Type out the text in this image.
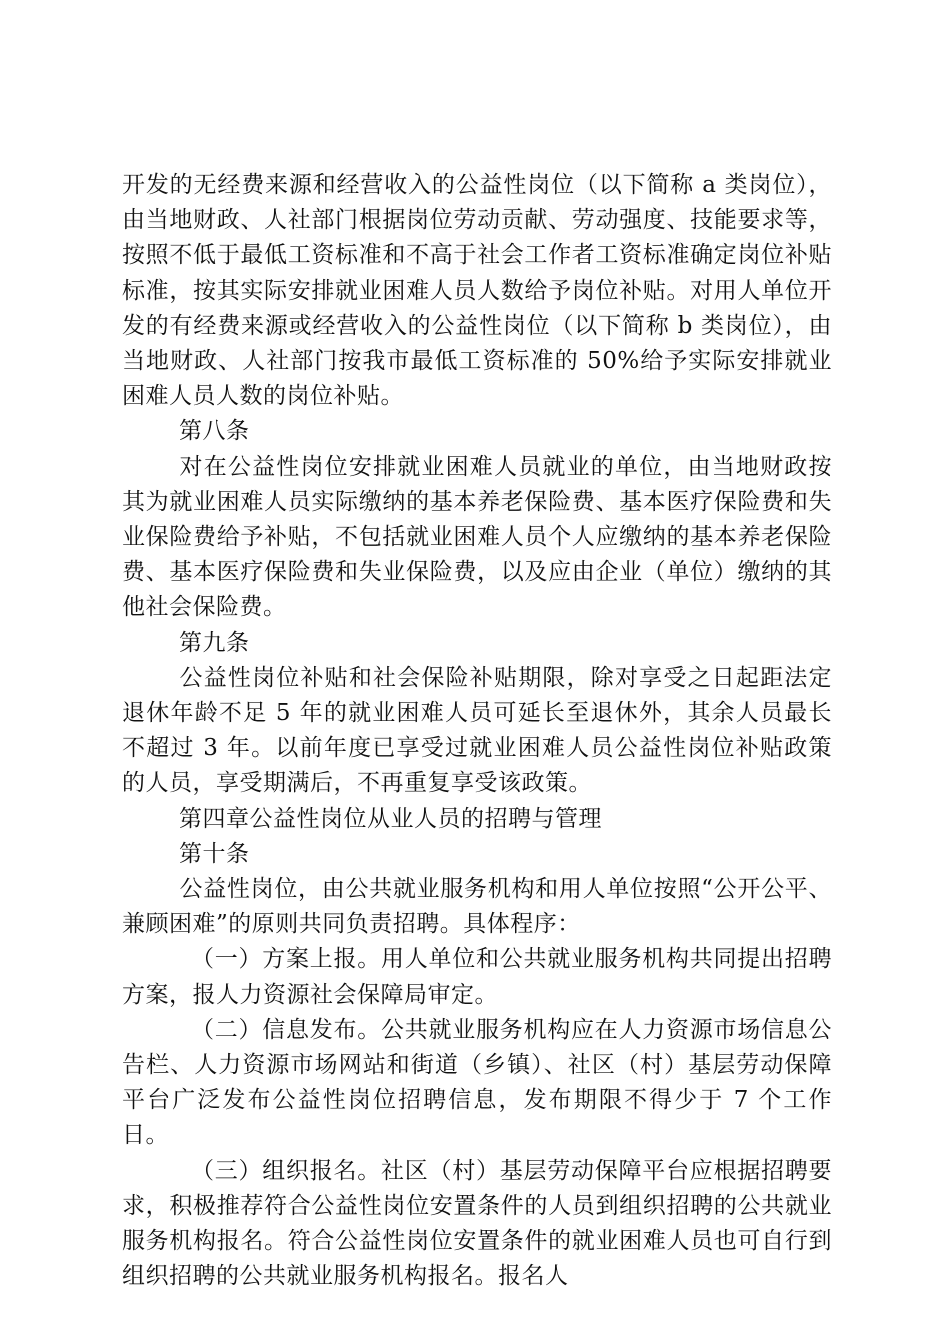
开发的无经费来源和经营收入的公益性岗位（以下简称 a 类岗位），由当地财政、人社部门根据岗位劳动贡献、劳动强度、技能要求等，按照不低于最低工资标准和不高于社会工作者工资标准确定岗位补贴标准，按其实际安排就业困难人员人数给予岗位补贴。对用人单位开发的有经费来源或经营收入的公益性岗位（以下简称 b 类岗位），由当地财政、人社部门按我市最低工资标准的 50%给予实际安排就业困难人员人数的岗位补贴。

第八条

对在公益性岗位安排就业困难人员就业的单位，由当地财政按其为就业困难人员实际缴纳的基本养老保险费、基本医疗保险费和失业保险费给予补贴，不包括就业困难人员个人应缴纳的基本养老保险费、基本医疗保险费和失业保险费，以及应由企业（单位）缴纳的其他社会保险费。

第九条

公益性岗位补贴和社会保险补贴期限，除对享受之日起距法定退休年龄不足 5 年的就业困难人员可延长至退休外，其余人员最长不超过 3 年。以前年度已享受过就业困难人员公益性岗位补贴政策的人员，享受期满后，不再重复享受该政策。

第四章公益性岗位从业人员的招聘与管理

第十条

公益性岗位，由公共就业服务机构和用人单位按照“公开公平、兼顾困难”的原则共同负责招聘。具体程序：

（一）方案上报。用人单位和公共就业服务机构共同提出招聘方案，报人力资源社会保障局审定。

（二）信息发布。公共就业服务机构应在人力资源市场信息公告栏、人力资源市场网站和街道（乡镇）、社区（村）基层劳动保障平台广泛发布公益性岗位招聘信息，发布期限不得少于 7 个工作日。

（三）组织报名。社区（村）基层劳动保障平台应根据招聘要求，积极推荐符合公益性岗位安置条件的人员到组织招聘的公共就业服务机构报名。符合公益性岗位安置条件的就业困难人员也可自行到组织招聘的公共就业服务机构报名。报名人
